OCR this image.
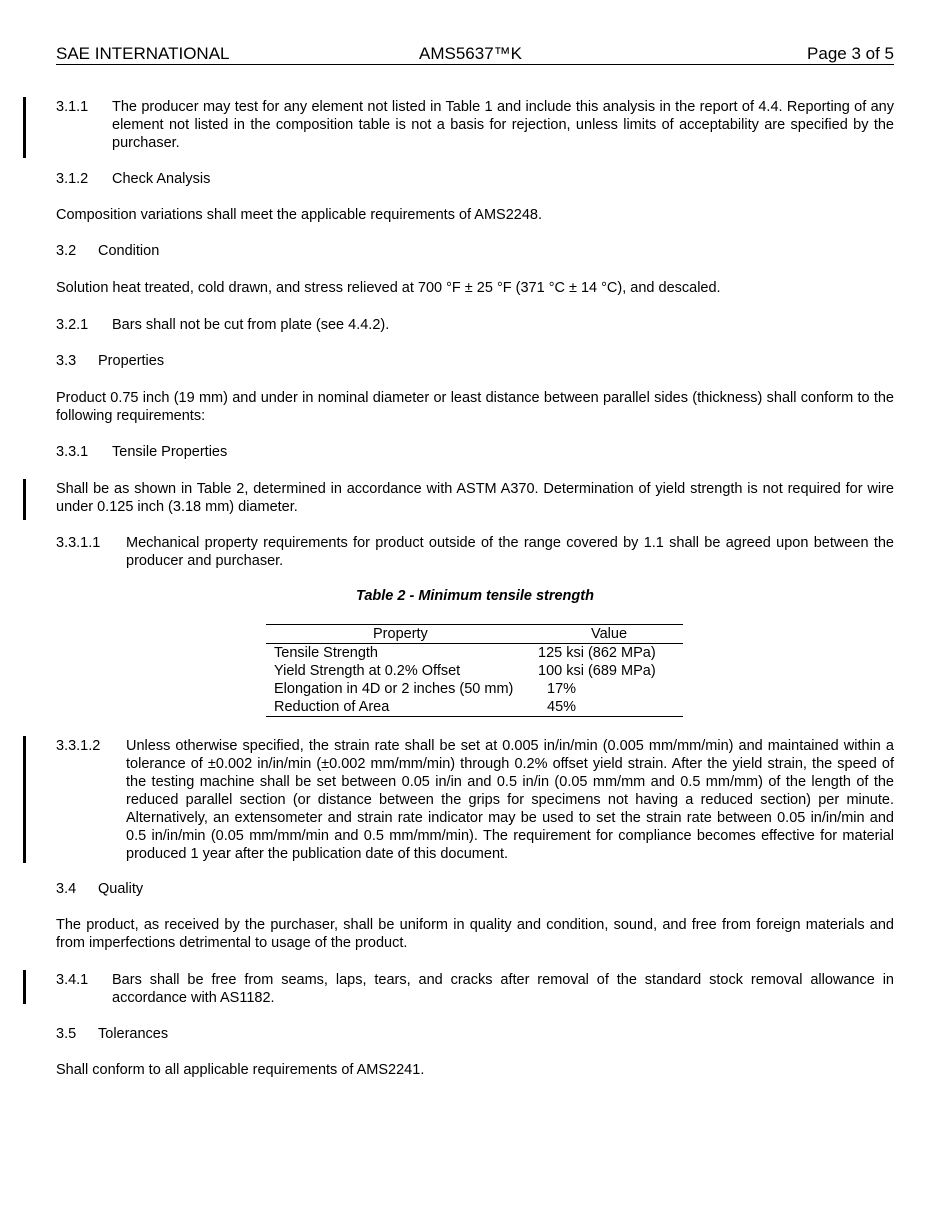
SAE INTERNATIONAL	AMS5637™K	Page 3 of 5
3.1.1 The producer may test for any element not listed in Table 1 and include this analysis in the report of 4.4. Reporting of any element not listed in the composition table is not a basis for rejection, unless limits of acceptability are specified by the purchaser.
3.1.2 Check Analysis
Composition variations shall meet the applicable requirements of AMS2248.
3.2 Condition
Solution heat treated, cold drawn, and stress relieved at 700 °F ± 25 °F (371 °C ± 14 °C), and descaled.
3.2.1 Bars shall not be cut from plate (see 4.4.2).
3.3 Properties
Product 0.75 inch (19 mm) and under in nominal diameter or least distance between parallel sides (thickness) shall conform to the following requirements:
3.3.1 Tensile Properties
Shall be as shown in Table 2, determined in accordance with ASTM A370. Determination of yield strength is not required for wire under 0.125 inch (3.18 mm) diameter.
3.3.1.1 Mechanical property requirements for product outside of the range covered by 1.1 shall be agreed upon between the producer and purchaser.
Table 2 - Minimum tensile strength
Property	Value
Tensile Strength	125 ksi (862 MPa)
Yield Strength at 0.2% Offset	100 ksi (689 MPa)
Elongation in 4D or 2 inches (50 mm) 17%
Reduction of Area	45%
3.3.1.2 Unless otherwise specified, the strain rate shall be set at 0.005 in/in/min (0.005 mm/mm/min) and maintained within a tolerance of ±0.002 in/in/min (±0.002 mm/mm/min) through 0.2% offset yield strain. After the yield strain, the speed of the testing machine shall be set between 0.05 in/in and 0.5 in/in (0.05 mm/mm and 0.5 mm/mm) of the length of the reduced parallel section (or distance between the grips for specimens not having a reduced section) per minute. Alternatively, an extensometer and strain rate indicator may be used to set the strain rate between 0.05 in/in/min and 0.5 in/in/min (0.05 mm/mm/min and 0.5 mm/mm/min). The requirement for compliance becomes effective for material produced 1 year after the publication date of this document.
3.4 Quality
The product, as received by the purchaser, shall be uniform in quality and condition, sound, and free from foreign materials and from imperfections detrimental to usage of the product.
3.4.1 Bars shall be free from seams, laps, tears, and cracks after removal of the standard stock removal allowance in accordance with AS1182.
3.5 Tolerances
Shall conform to all applicable requirements of AMS2241.
